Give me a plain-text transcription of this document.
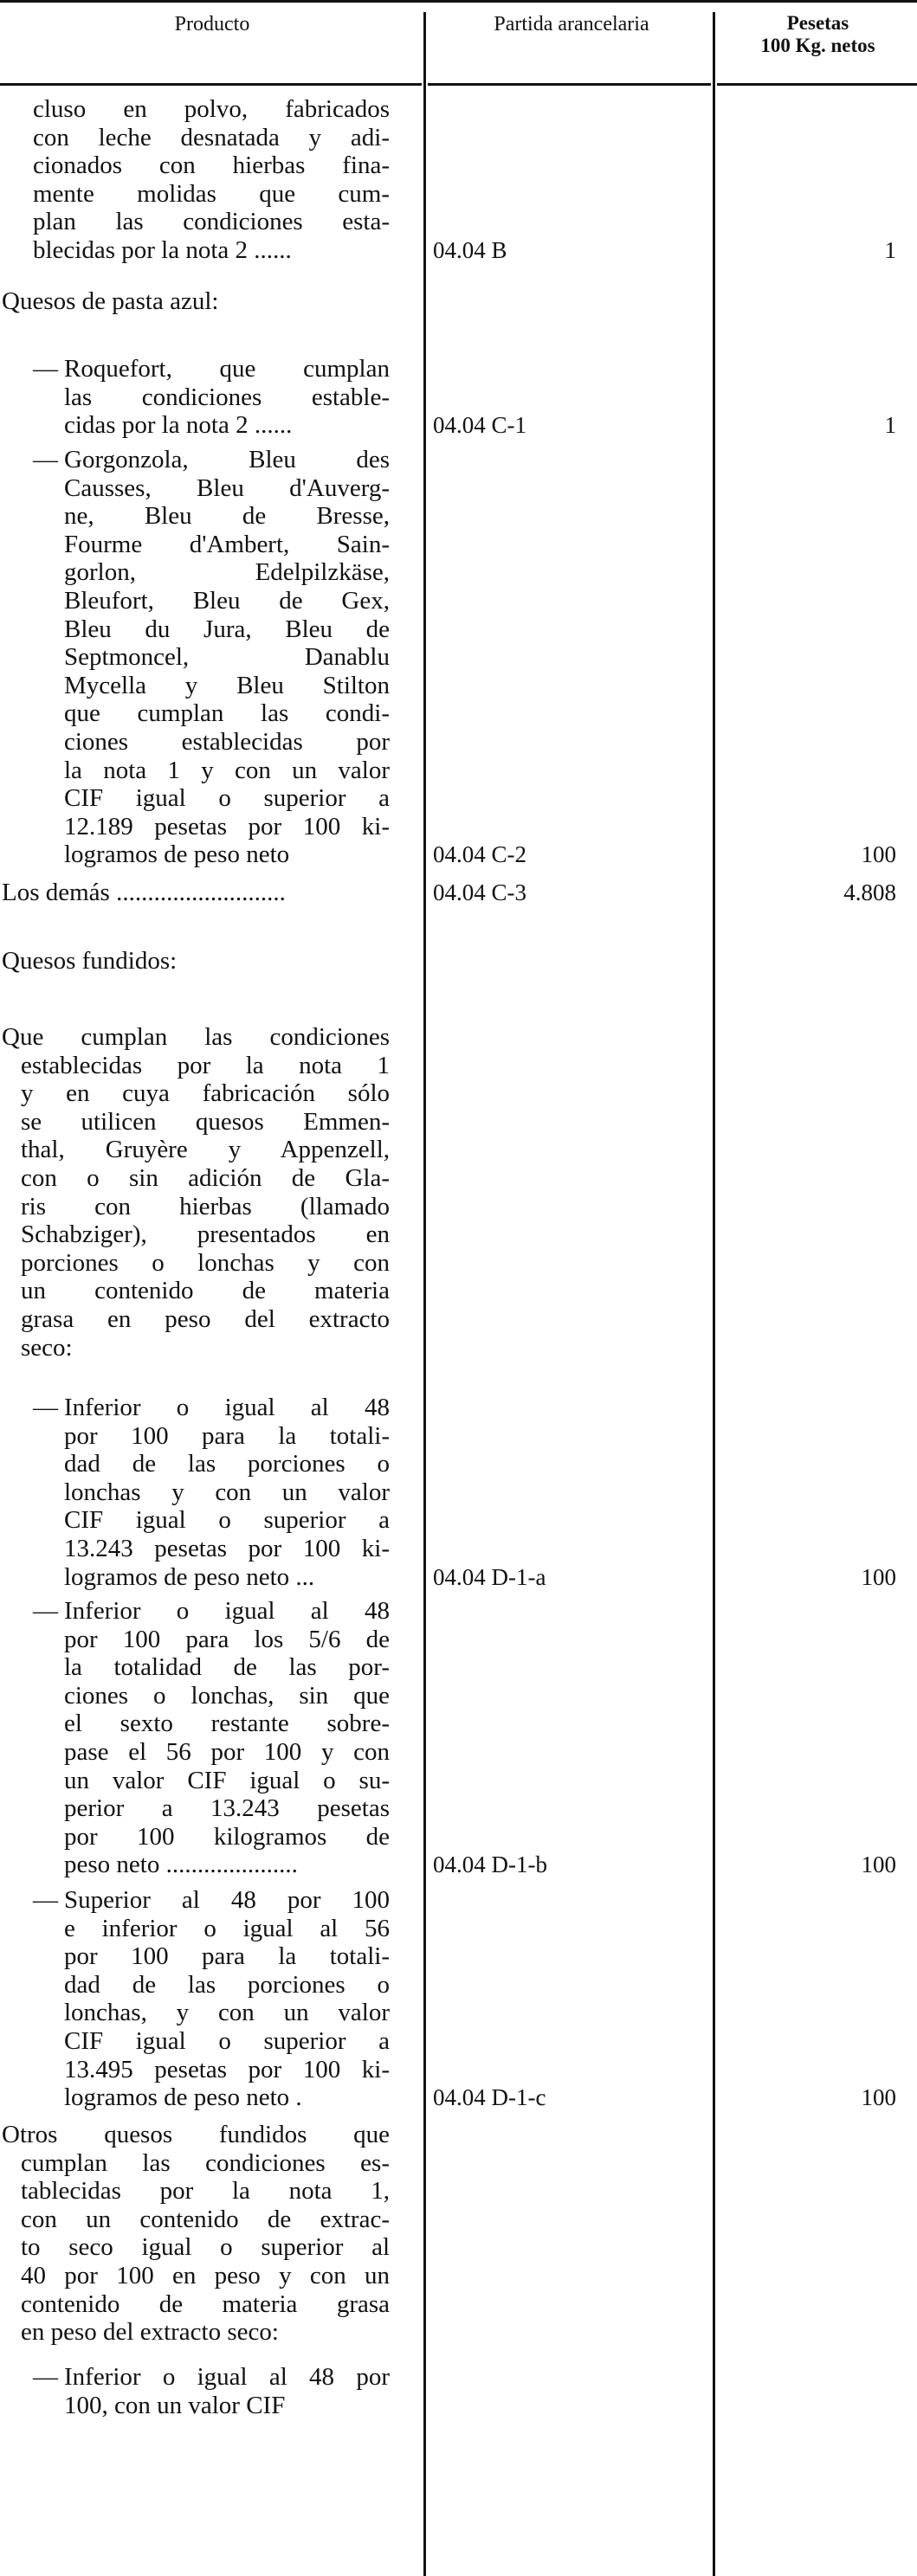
Producto	Partida arancelaria	Pesetas
100 Kg. netos
cluso en polvo, fabricados
con leche desnatada y adi-
cionados con hierbas fina-
mente molidas que cum-
plan las condiciones esta-
blecidas por la nota 2 ......	04.04 B	1
Quesos de pasta azul:
— Roquefort, que cumplan
las condiciones estable-
cidas por la nota 2 ......	04.04 C-1	1
— Gorgonzola, Bleu des
Causses, Bleu d'Auverg-
ne, Bleu de Bresse,
Fourme d'Ambert, Sain-
gorlon, Edelpilzkäse,
Bleufort, Bleu de Gex,
Bleu du Jura, Bleu de
Septmoncel, Danablu
Mycella y Bleu Stilton
que cumplan las condi-
ciones establecidas por
la nota 1 y con un valor
CIF igual o superior a
12.189 pesetas por 100 ki-
logramos de peso neto	04.04 C-2	100
Los demás ...........................	04.04 C-3	4.808
Quesos fundidos:
Que cumplan las condiciones
establecidas por la nota 1
y en cuya fabricación sólo
se utilicen quesos Emmen-
thal, Gruyère y Appenzell,
con o sin adición de Gla-
ris con hierbas (llamado
Schabziger), presentados en
porciones o lonchas y con
un contenido de materia
grasa en peso del extracto
seco:
— Inferior o igual al 48
por 100 para la totali-
dad de las porciones o
lonchas y con un valor
CIF igual o superior a
13.243 pesetas por 100 ki-
logramos de peso neto ...	04.04 D-1-a	100
— Inferior o igual al 48
por 100 para los 5/6 de
la totalidad de las por-
ciones o lonchas, sin que
el sexto restante sobre-
pase el 56 por 100 y con
un valor CIF igual o su-
perior a 13.243 pesetas
por 100 kilogramos de
peso neto .....................	04.04 D-1-b	100
— Superior al 48 por 100
e inferior o igual al 56
por 100 para la totali-
dad de las porciones o
lonchas, y con un valor
CIF igual o superior a
13.495 pesetas por 100 ki-
logramos de peso neto .	04.04 D-1-c	100
Otros quesos fundidos que
cumplan las condiciones es-
tablecidas por la nota 1,
con un contenido de extrac-
to seco igual o superior al
40 por 100 en peso y con un
contenido de materia grasa
en peso del extracto seco:
— Inferior o igual al 48 por
100, con un valor CIF
